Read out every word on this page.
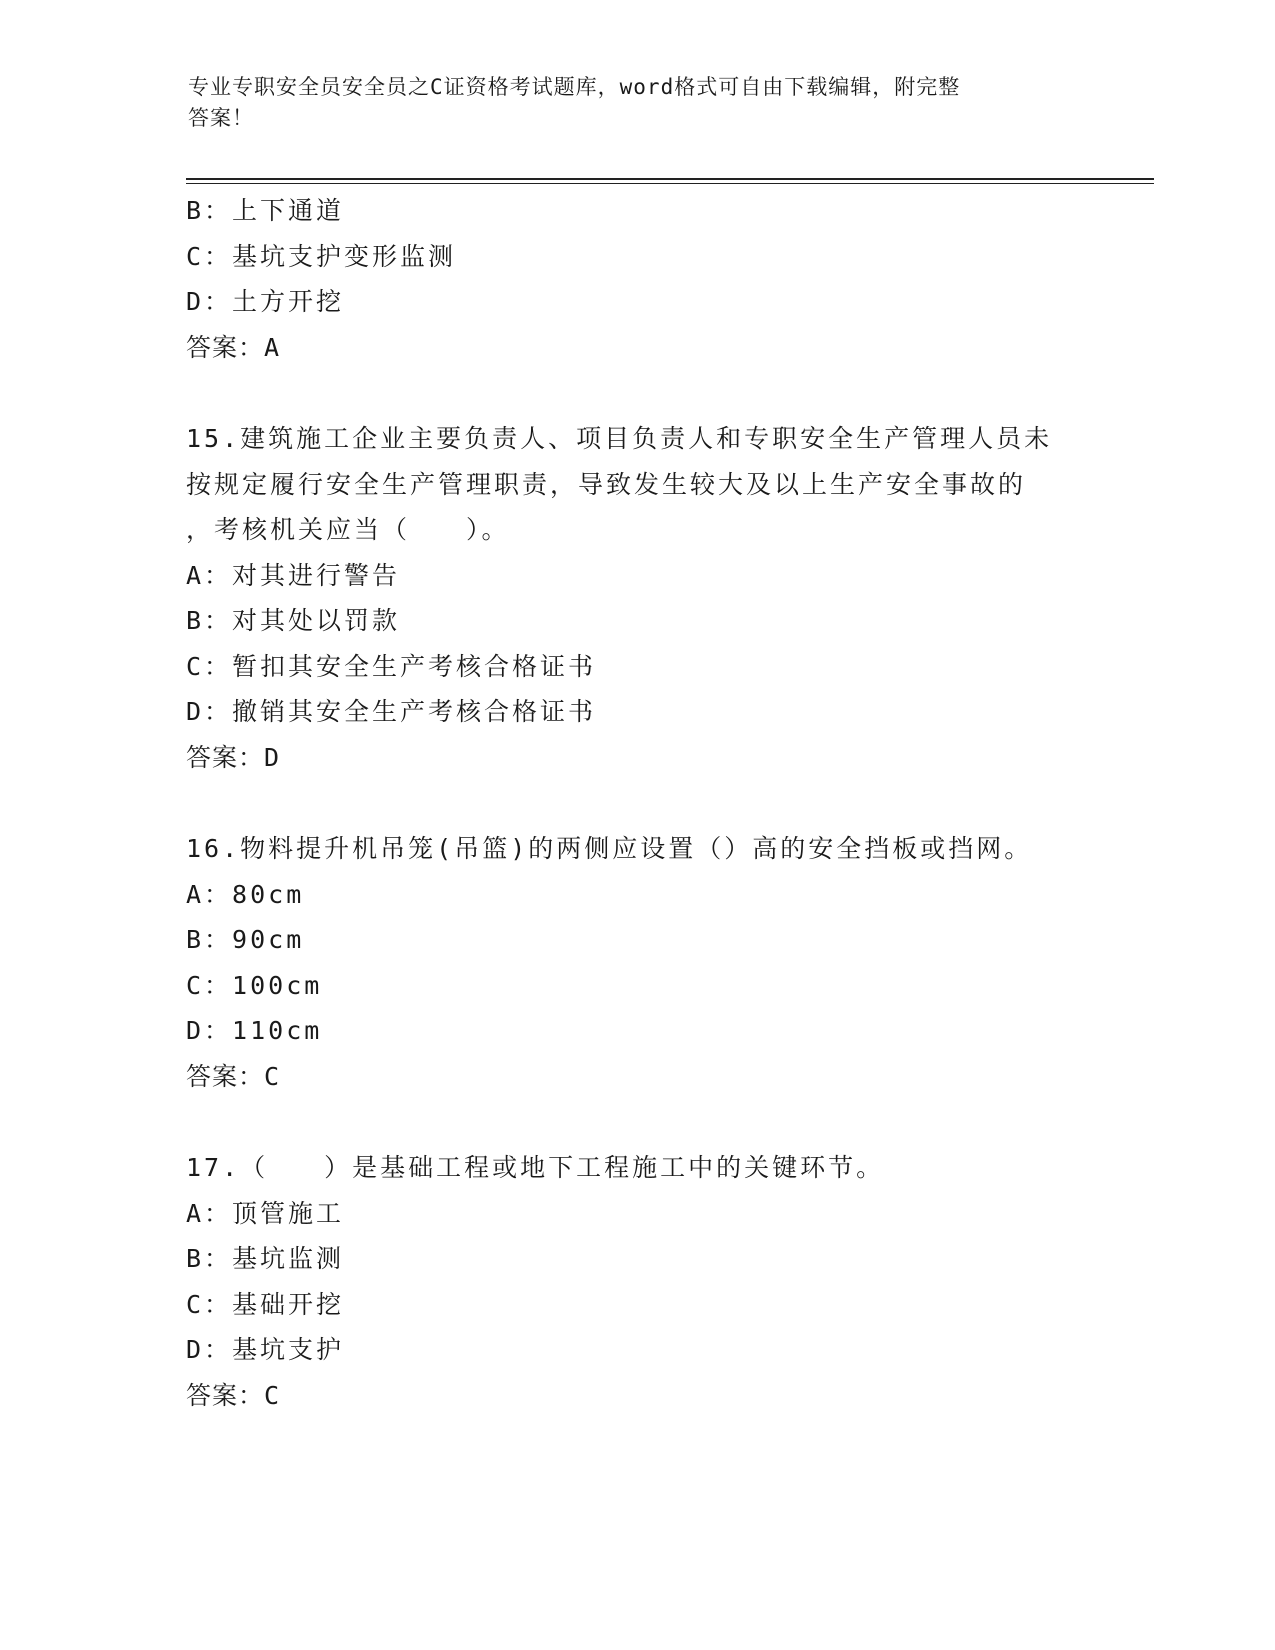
专业专职安全员安全员之C证资格考试题库，word格式可自由下载编辑，附完整
答案！
B：上下通道
C：基坑支护变形监测
D：土方开挖
答案：A
15.建筑施工企业主要负责人、项目负责人和专职安全生产管理人员未
按规定履行安全生产管理职责，导致发生较大及以上生产安全事故的
，考核机关应当（　　）。
A：对其进行警告
B：对其处以罚款
C：暂扣其安全生产考核合格证书
D：撤销其安全生产考核合格证书
答案：D
16.物料提升机吊笼(吊篮)的两侧应设置（）高的安全挡板或挡网。
A：80cm
B：90cm
C：100cm
D：110cm
答案：C
17.（　　）是基础工程或地下工程施工中的关键环节。
A：顶管施工
B：基坑监测
C：基础开挖
D：基坑支护
答案：C
